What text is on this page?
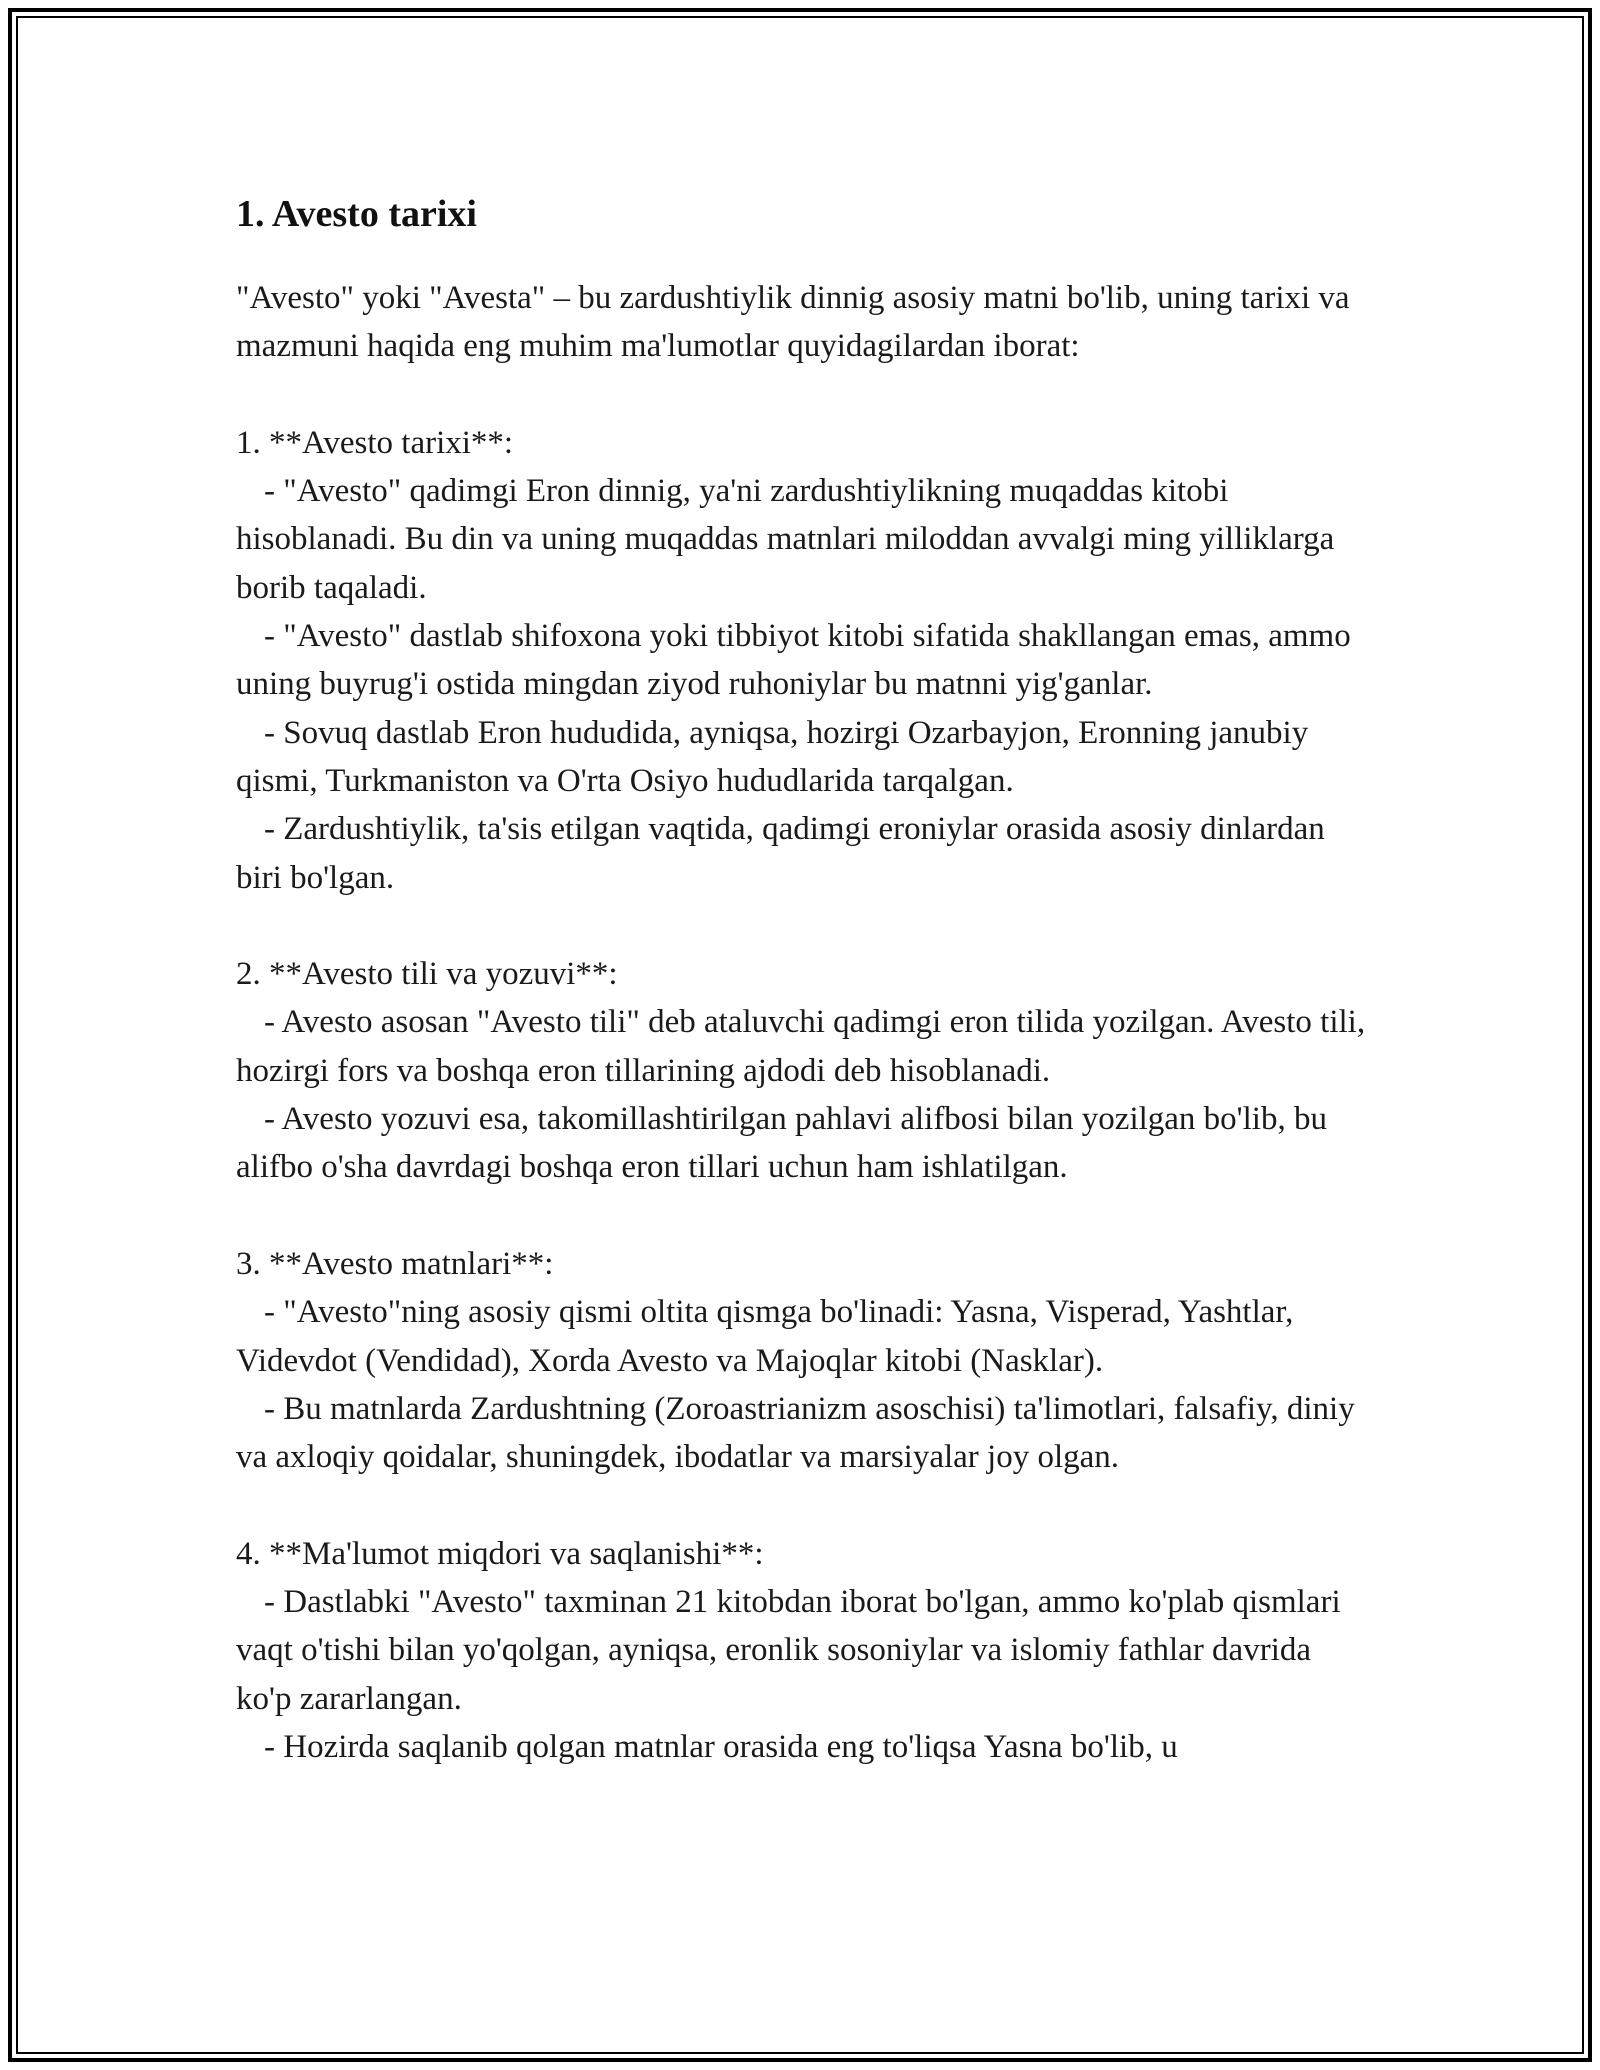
1. Avesto tarixi

"Avesto" yoki "Avesta" – bu zardushtiylik dinnig asosiy matni bo'lib, uning tarixi va mazmuni haqida eng muhim ma'lumotlar quyidagilardan iborat:

1. **Avesto tarixi**:

- "Avesto" qadimgi Eron dinnig, ya'ni zardushtiylikning muqaddas kitobi hisoblanadi. Bu din va uning muqaddas matnlari miloddan avvalgi ming yilliklarga borib taqaladi.

- "Avesto" dastlab shifoxona yoki tibbiyot kitobi sifatida shakllangan emas, ammo uning buyrug'i ostida mingdan ziyod ruhoniylar bu matnni yig'ganlar.

- Sovuq dastlab Eron hududida, ayniqsa, hozirgi Ozarbayjon, Eronning janubiy qismi, Turkmaniston va O'rta Osiyo hududlarida tarqalgan.

- Zardushtiylik, ta'sis etilgan vaqtida, qadimgi eroniylar orasida asosiy dinlardan biri bo'lgan.

2. **Avesto tili va yozuvi**:

- Avesto asosan "Avesto tili" deb ataluvchi qadimgi eron tilida yozilgan. Avesto tili, hozirgi fors va boshqa eron tillarining ajdodi deb hisoblanadi.

- Avesto yozuvi esa, takomillashtirilgan pahlavi alifbosi bilan yozilgan bo'lib, bu alifbo o'sha davrdagi boshqa eron tillari uchun ham ishlatilgan.

3. **Avesto matnlari**:

- "Avesto"ning asosiy qismi oltita qismga bo'linadi: Yasna, Visperad, Yashtlar, Videvdot (Vendidad), Xorda Avesto va Majoqlar kitobi (Nasklar).

- Bu matnlarda Zardushtning (Zoroastrianizm asoschisi) ta'limotlari, falsafiy, diniy va axloqiy qoidalar, shuningdek, ibodatlar va marsiyalar joy olgan.

4. **Ma'lumot miqdori va saqlanishi**:

- Dastlabki "Avesto" taxminan 21 kitobdan iborat bo'lgan, ammo ko'plab qismlari vaqt o'tishi bilan yo'qolgan, ayniqsa, eronlik sosoniylar va islomiy fathlar davrida ko'p zararlangan.

- Hozirda saqlanib qolgan matnlar orasida eng to'liqsa Yasna bo'lib, u
